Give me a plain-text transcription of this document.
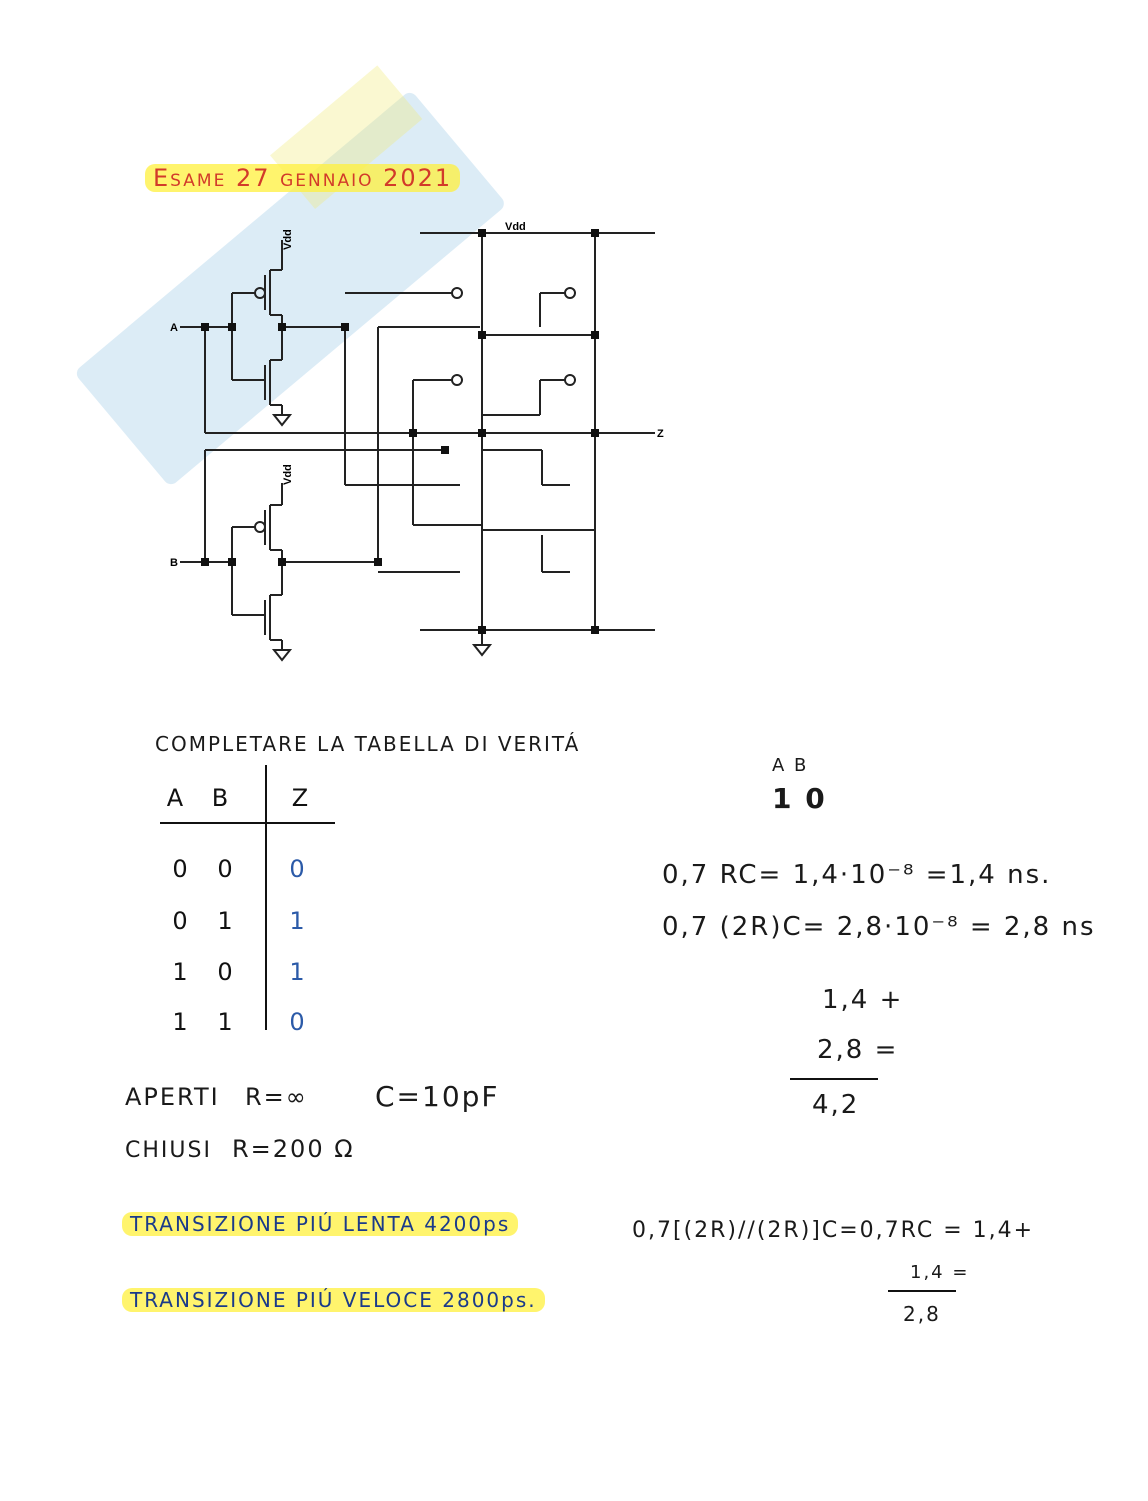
Esame 27 gennaio 2021
Vdd
Vdd
Vdd
A
B
Z
COMPLETARE LA TABELLA DI VERITÁ
A B	Z
0	0	0
0	1	1
1	0	1
1	1	0
APERTI R=∞ C=10pF
CHIUSI R=200 Ω
TRANSIZIONE PIÚ LENTA 4200ps
TRANSIZIONE PIÚ VELOCE 2800ps.
A B
1 0
0,7 RC= 1,4·10⁻⁸ =1,4 ns.
0,7 (2R)C= 2,8·10⁻⁸ = 2,8 ns
1,4 +
2,8 =
4,2
0,7[(2R)//(2R)]C=0,7RC = 1,4+
1,4 =
2,8
